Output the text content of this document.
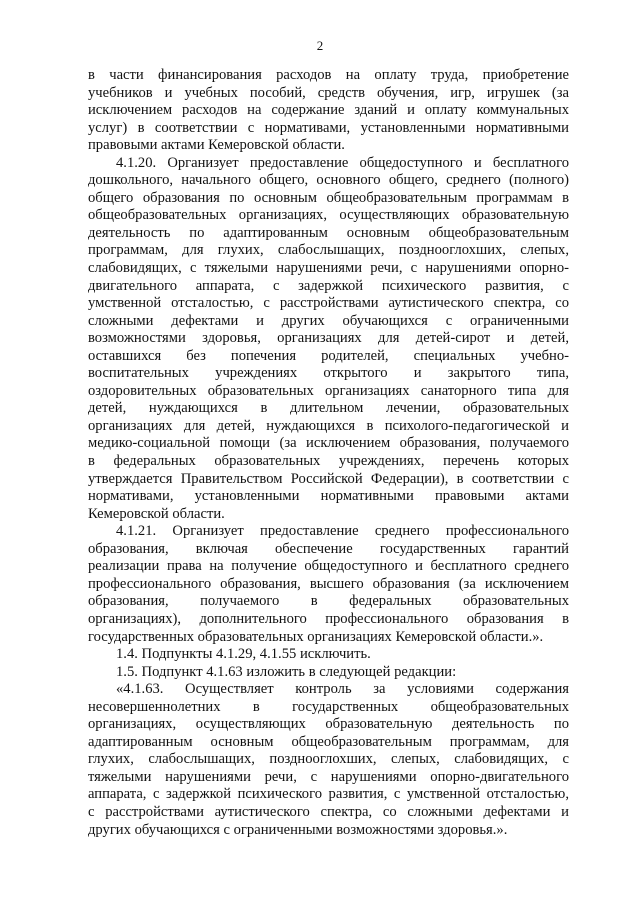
2
в части финансирования расходов на оплату труда, приобретение
учебников и учебных пособий, средств обучения, игр, игрушек (за
исключением расходов на содержание зданий и оплату коммунальных
услуг) в соответствии с нормативами, установленными нормативными
правовыми актами Кемеровской области.
4.1.20. Организует предоставление общедоступного и бесплатного
дошкольного, начального общего, основного общего, среднего (полного)
общего образования по основным общеобразовательным программам в
общеобразовательных организациях, осуществляющих образовательную
деятельность по адаптированным основным общеобразовательным
программам, для глухих, слабослышащих, позднооглохших, слепых,
слабовидящих, с тяжелыми нарушениями речи, с нарушениями опорно-
двигательного аппарата, с задержкой психического развития, с
умственной отсталостью, с расстройствами аутистического спектра, со
сложными дефектами и других обучающихся с ограниченными
возможностями здоровья, организациях для детей-сирот и детей,
оставшихся без попечения родителей, специальных учебно-
воспитательных учреждениях открытого и закрытого типа,
оздоровительных образовательных организациях санаторного типа для
детей, нуждающихся в длительном лечении, образовательных
организациях для детей, нуждающихся в психолого-педагогической и
медико-социальной помощи (за исключением образования, получаемого
в федеральных образовательных учреждениях, перечень которых
утверждается Правительством Российской Федерации), в соответствии с
нормативами, установленными нормативными правовыми актами
Кемеровской области.
4.1.21. Организует предоставление среднего профессионального
образования, включая обеспечение государственных гарантий
реализации права на получение общедоступного и бесплатного среднего
профессионального образования, высшего образования (за исключением
образования, получаемого в федеральных образовательных
организациях), дополнительного профессионального образования в
государственных образовательных организациях Кемеровской области.».
1.4. Подпункты 4.1.29, 4.1.55 исключить.
1.5. Подпункт 4.1.63 изложить в следующей редакции:
«4.1.63. Осуществляет контроль за условиями содержания
несовершеннолетних в государственных общеобразовательных
организациях, осуществляющих образовательную деятельность по
адаптированным основным общеобразовательным программам, для
глухих, слабослышащих, позднооглохших, слепых, слабовидящих, с
тяжелыми нарушениями речи, с нарушениями опорно-двигательного
аппарата, с задержкой психического развития, с умственной отсталостью,
с расстройствами аутистического спектра, со сложными дефектами и
других обучающихся с ограниченными возможностями здоровья.».
